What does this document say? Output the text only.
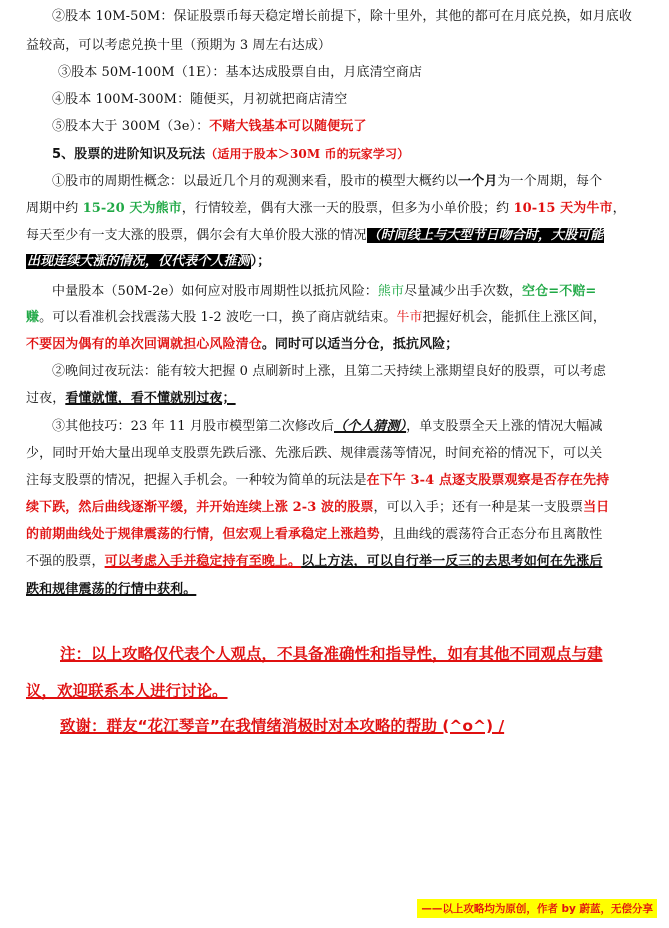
②股本 10M-50M：保证股票币每天稳定增长前提下，除十里外，其他的都可在月底兑换，如月底收
益较高，可以考虑兑换十里（预期为 3 周左右达成）
③股本 50M-100M（1E）：基本达成股票自由，月底清空商店
④股本 100M-300M：随便买，月初就把商店清空
⑤股本大于 300M（3e）：不赌大钱基本可以随便玩了
5、股票的进阶知识及玩法（适用于股本＞30M 币的玩家学习）
①股市的周期性概念：以最近几个月的观测来看，股市的模型大概约以一个月为一个周期，每个
周期中约 15-20 天为熊市，行情较差，偶有大涨一天的股票，但多为小单价股；约 10-15 天为牛市，
每天至少有一支大涨的股票，偶尔会有大单价股大涨的情况（时间线上与大型节日吻合时，大股可能
出现连续大涨的情况，仅代表个人推测）；
中量股本（50M-2e）如何应对股市周期性以抵抗风险：熊市尽量减少出手次数，空仓=不赔=
赚。可以看准机会找震荡大股 1-2 波吃一口，换了商店就结束。牛市把握好机会，能抓住上涨区间，
不要因为偶有的单次回调就担心风险清仓。同时可以适当分仓，抵抗风险；
②晚间过夜玩法：能有较大把握 0 点刷新时上涨，且第二天持续上涨期望良好的股票，可以考虑
过夜，看懂就懂，看不懂就别过夜；
③其他技巧：23 年 11 月股市模型第二次修改后（个人猜测），单支股票全天上涨的情况大幅减
少，同时开始大量出现单支股票先跌后涨、先涨后跌、规律震荡等情况，时间充裕的情况下，可以关
注每支股票的情况，把握入手机会。一种较为简单的玩法是在下午 3-4 点逐支股票观察是否存在先持
续下跌，然后曲线逐渐平缓，并开始连续上涨 2-3 波的股票，可以入手；还有一种是某一支股票当日
的前期曲线处于规律震荡的行情，但宏观上看承稳定上涨趋势，且曲线的震荡符合正态分布且离散性
不强的股票，可以考虑入手并稳定持有至晚上。以上方法，可以自行举一反三的去思考如何在先涨后
跌和规律震荡的行情中获利。
注：以上攻略仅代表个人观点，不具备准确性和指导性，如有其他不同观点与建
议，欢迎联系本人进行讨论。
致谢：群友“花江琴音”在我情绪消极时对本攻略的帮助 (^o^) /
——以上攻略均为原创，作者 by 蔚蓝，无偿分享
